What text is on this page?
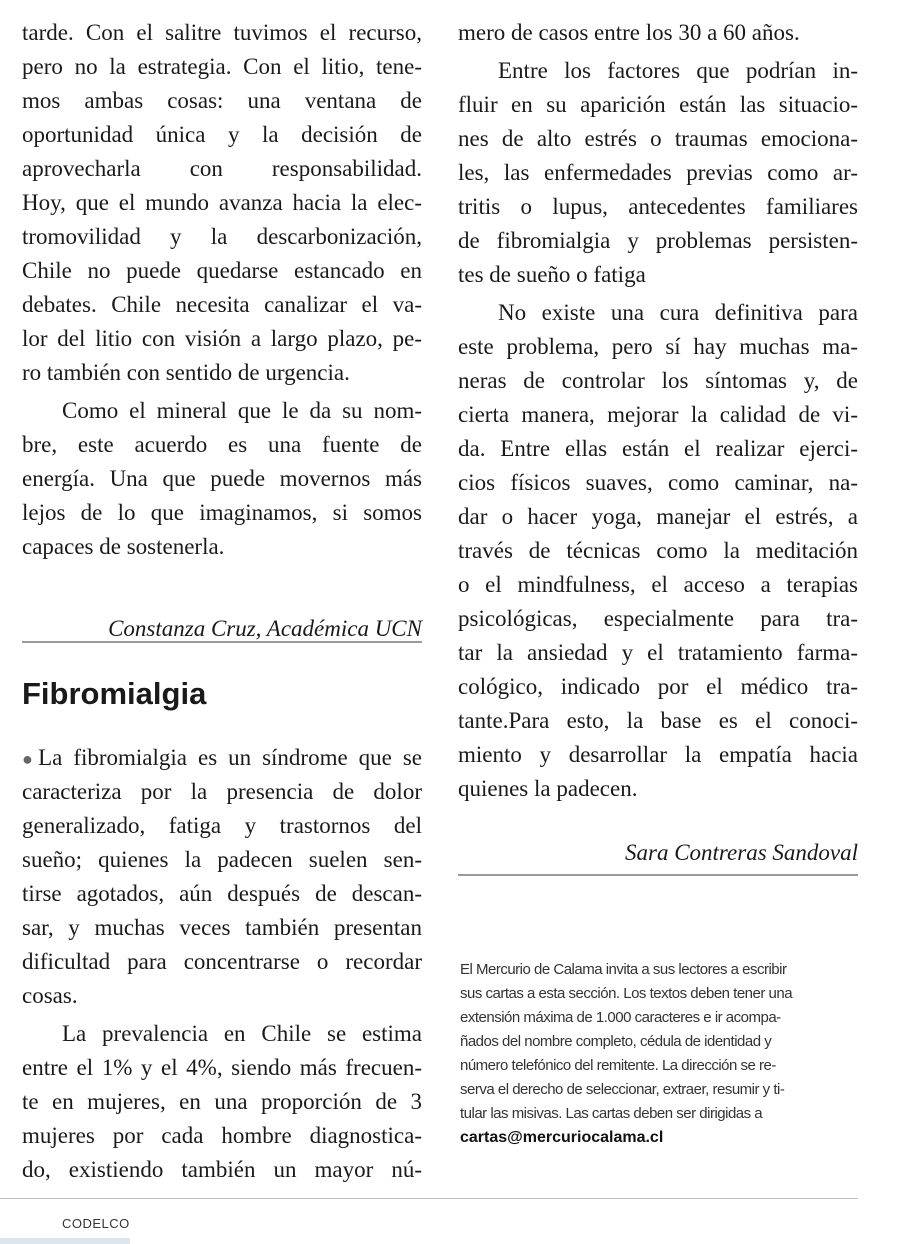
tarde. Con el salitre tuvimos el recurso,
pero no la estrategia. Con el litio, tene-
mos ambas cosas: una ventana de
oportunidad única y la decisión de
aprovecharla con responsabilidad.
Hoy, que el mundo avanza hacia la elec-
tromovilidad y la descarbonización,
Chile no puede quedarse estancado en
debates. Chile necesita canalizar el va-
lor del litio con visión a largo plazo, pe-
ro también con sentido de urgencia.
Como el mineral que le da su nom-
bre, este acuerdo es una fuente de
energía. Una que puede movernos más
lejos de lo que imaginamos, si somos
capaces de sostenerla.
Constanza Cruz, Académica UCN
Fibromialgia
●La fibromialgia es un síndrome que se
caracteriza por la presencia de dolor
generalizado, fatiga y trastornos del
sueño; quienes la padecen suelen sen-
tirse agotados, aún después de descan-
sar, y muchas veces también presentan
dificultad para concentrarse o recordar
cosas.
La prevalencia en Chile se estima
entre el 1% y el 4%, siendo más frecuen-
te en mujeres, en una proporción de 3
mujeres por cada hombre diagnostica-
do, existiendo también un mayor nú-
mero de casos entre los 30 a 60 años.
Entre los factores que podrían in-
fluir en su aparición están las situacio-
nes de alto estrés o traumas emociona-
les, las enfermedades previas como ar-
tritis o lupus, antecedentes familiares
de fibromialgia y problemas persisten-
tes de sueño o fatiga
No existe una cura definitiva para
este problema, pero sí hay muchas ma-
neras de controlar los síntomas y, de
cierta manera, mejorar la calidad de vi-
da. Entre ellas están el realizar ejerci-
cios físicos suaves, como caminar, na-
dar o hacer yoga, manejar el estrés, a
través de técnicas como la meditación
o el mindfulness, el acceso a terapias
psicológicas, especialmente para tra-
tar la ansiedad y el tratamiento farma-
cológico, indicado por el médico tra-
tante.Para esto, la base es el conoci-
miento y desarrollar la empatía hacia
quienes la padecen.
Sara Contreras Sandoval
El Mercurio de Calama invita a sus lectores a escribir
sus cartas a esta sección. Los textos deben tener una
extensión máxima de 1.000 caracteres e ir acompa-
ñados del nombre completo, cédula de identidad y
número telefónico del remitente. La dirección se re-
serva el derecho de seleccionar, extraer, resumir y ti-
tular las misivas. Las cartas deben ser dirigidas a
cartas@mercuriocalama.cl
CODELCO
